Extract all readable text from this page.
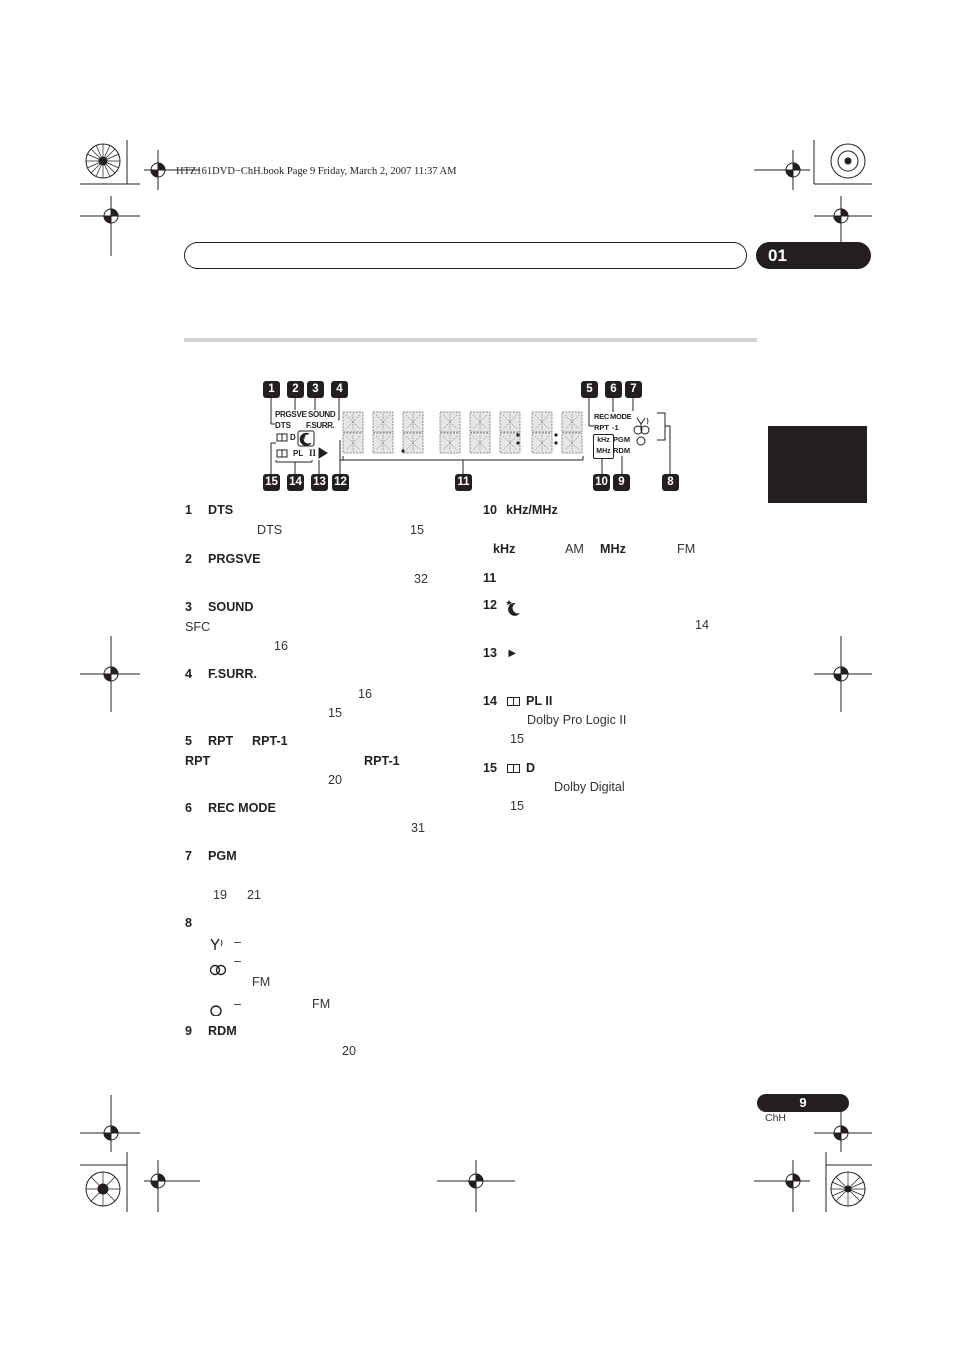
HTZ161DVD−ChH.book Page 9 Friday, March 2, 2007 11:37 AM
01
1	2	3	4	5	6	7
15 14 13 12	11	10 9	8
PRGSVE
DTS
SOUND
F.SURR.
REC MODE
RPT -1
kHz
MHz
PGM
RDM
D
PL II
1 DTS
DTS	15
2 PRGSVE
32
3 SOUND
SFC
16
4 F.SURR.
16
15
5 RPT RPT-1
RPT	RPT-1
20
6 REC MODE
31
7 PGM
19 21
8
–
–
FM
–	FM
9 RDM
20
10 kHz/MHz
kHz	AM MHz	FM
11
12
14
13 ►
14 PL II
Dolby Pro Logic II
15
15 D
Dolby Digital
15
9
ChH
